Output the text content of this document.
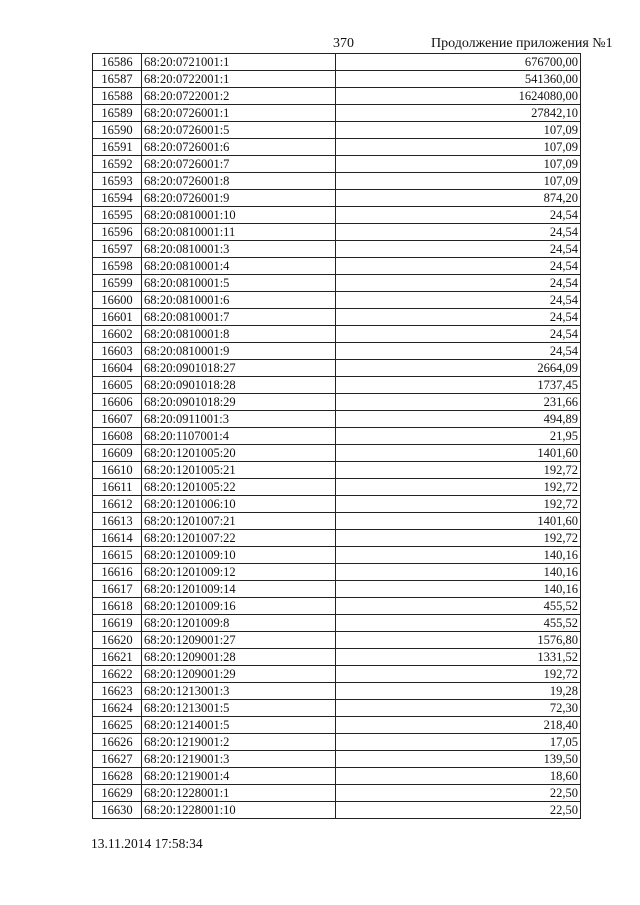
370	Продолжение приложения №1
16586	68:20:0721001:1	676700,00
16587	68:20:0722001:1	541360,00
16588	68:20:0722001:2	1624080,00
16589	68:20:0726001:1	27842,10
16590	68:20:0726001:5	107,09
16591	68:20:0726001:6	107,09
16592	68:20:0726001:7	107,09
16593	68:20:0726001:8	107,09
16594	68:20:0726001:9	874,20
16595	68:20:0810001:10	24,54
16596	68:20:0810001:11	24,54
16597	68:20:0810001:3	24,54
16598	68:20:0810001:4	24,54
16599	68:20:0810001:5	24,54
16600	68:20:0810001:6	24,54
16601	68:20:0810001:7	24,54
16602	68:20:0810001:8	24,54
16603	68:20:0810001:9	24,54
16604	68:20:0901018:27	2664,09
16605	68:20:0901018:28	1737,45
16606	68:20:0901018:29	231,66
16607	68:20:0911001:3	494,89
16608	68:20:1107001:4	21,95
16609	68:20:1201005:20	1401,60
16610	68:20:1201005:21	192,72
16611	68:20:1201005:22	192,72
16612	68:20:1201006:10	192,72
16613	68:20:1201007:21	1401,60
16614	68:20:1201007:22	192,72
16615	68:20:1201009:10	140,16
16616	68:20:1201009:12	140,16
16617	68:20:1201009:14	140,16
16618	68:20:1201009:16	455,52
16619	68:20:1201009:8	455,52
16620	68:20:1209001:27	1576,80
16621	68:20:1209001:28	1331,52
16622	68:20:1209001:29	192,72
16623	68:20:1213001:3	19,28
16624	68:20:1213001:5	72,30
16625	68:20:1214001:5	218,40
16626	68:20:1219001:2	17,05
16627	68:20:1219001:3	139,50
16628	68:20:1219001:4	18,60
16629	68:20:1228001:1	22,50
16630	68:20:1228001:10	22,50
13.11.2014 17:58:34
